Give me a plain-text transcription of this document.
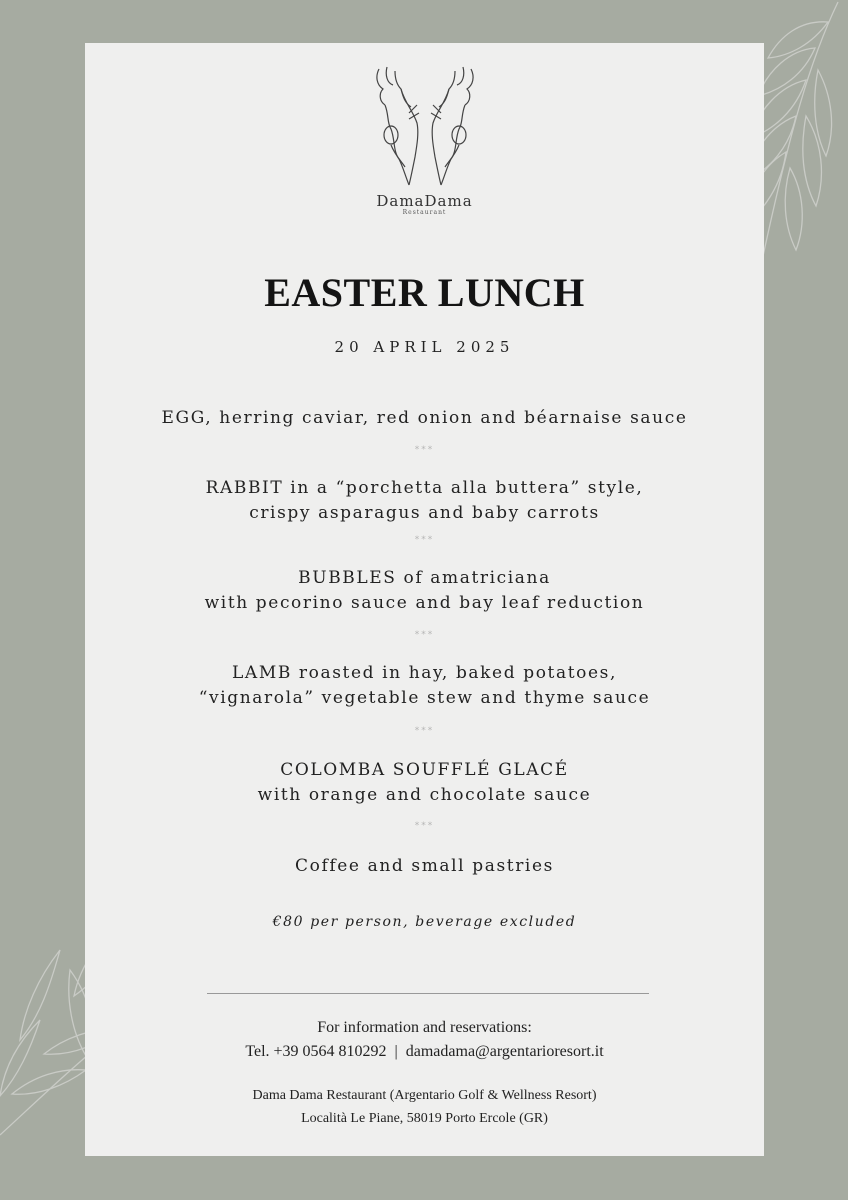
DamaDama
Restaurant
EASTER LUNCH
20 APRIL 2025
EGG, herring caviar, red onion and béarnaise sauce
***
RABBIT in a “porchetta alla buttera” style,
crispy asparagus and baby carrots
***
BUBBLES of amatriciana
with pecorino sauce and bay leaf reduction
***
LAMB roasted in hay, baked potatoes,
“vignarola” vegetable stew and thyme sauce
***
COLOMBA SOUFFLÉ GLACÉ
with orange and chocolate sauce
***
Coffee and small pastries
€80 per person, beverage excluded
For information and reservations:
Tel. +39 0564 810292  |  damadama@argentarioresort.it
Dama Dama Restaurant (Argentario Golf & Wellness Resort)
Località Le Piane, 58019 Porto Ercole (GR)
